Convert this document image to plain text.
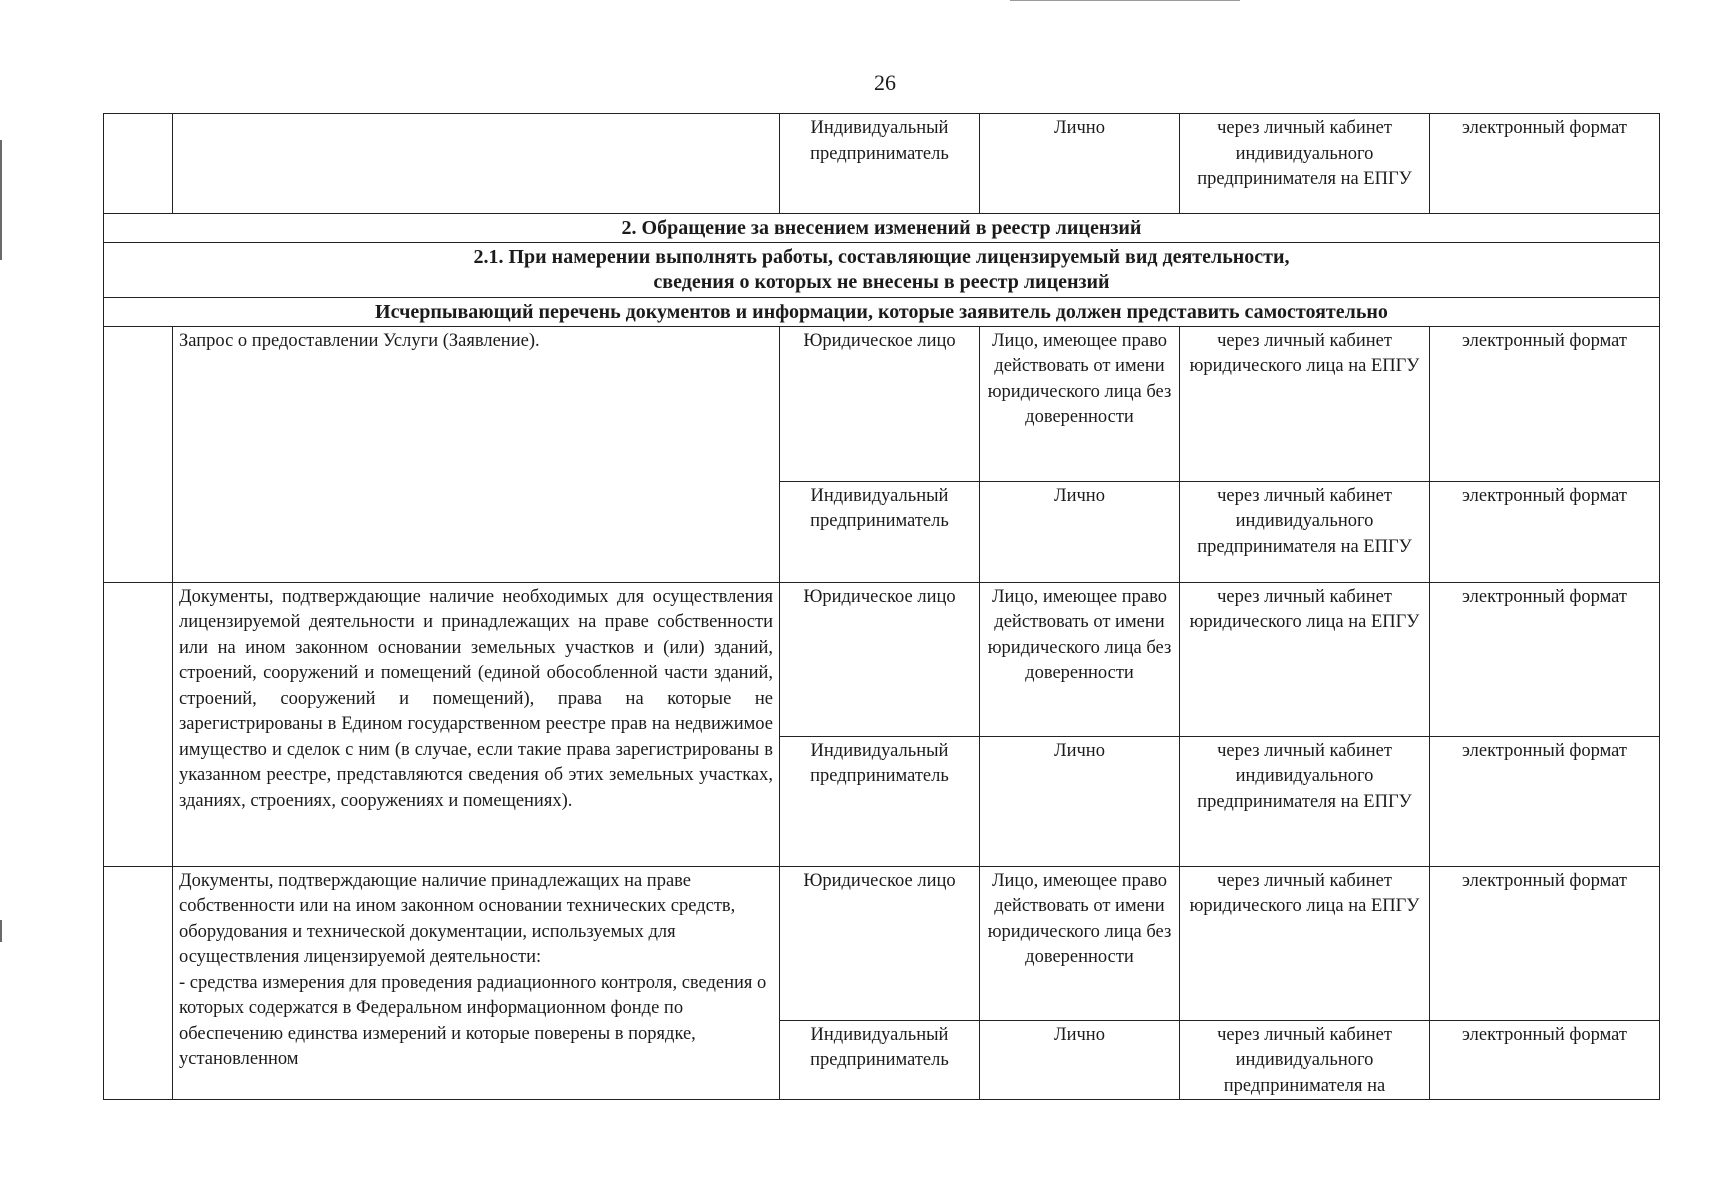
26
		Индивидуальный предприниматель	Лично	через личный кабинет индивидуального предпринимателя на ЕПГУ	электронный формат
2. Обращение за внесением изменений в реестр лицензий					

2.1. При намерении выполнять работы, составляющие лицензируемый вид деятельности,
сведения о которых не внесены в реестр лицензий					

Исчерпывающий перечень документов и информации, которые заявитель должен представить самостоятельно					
	Запрос о предоставлении Услуги (Заявление).	Юридическое лицо	Лицо, имеющее право действовать от имени юридического лица без доверенности	через личный кабинет юридического лица на ЕПГУ	электронный формат
		Индивидуальный предприниматель	Лично	через личный кабинет индивидуального предпринимателя на ЕПГУ	электронный формат
	Документы, подтверждающие наличие необходимых для осуществления лицензируемой деятельности и принадлежащих на праве собственности или на ином законном основании земельных участков и (или) зданий, строений, сооружений и помещений (единой обособленной части зданий, строений, сооружений и помещений), права на которые не зарегистрированы в Едином государственном реестре прав на недвижимое имущество и сделок с ним (в случае, если такие права зарегистрированы в указанном реестре, представляются сведения об этих земельных участках, зданиях, строениях, сооружениях и помещениях).	Юридическое лицо	Лицо, имеющее право действовать от имени юридического лица без доверенности	через личный кабинет юридического лица на ЕПГУ	электронный формат
		Индивидуальный предприниматель	Лично	через личный кабинет индивидуального предпринимателя на ЕПГУ	электронный формат

	Документы, подтверждающие наличие принадлежащих на праве собственности или на ином законном основании технических средств, оборудования и технической документации, используемых для осуществления лицензируемой деятельности:
- средства измерения для проведения радиационного контроля, сведения о которых содержатся в Федеральном информационном фонде по обеспечению единства измерений и которые поверены в порядке, установленном	Юридическое лицо	Лицо, имеющее право действовать от имени юридического лица без доверенности	через личный кабинет юридического лица на ЕПГУ	электронный формат
		Индивидуальный предприниматель	Лично	через личный кабинет индивидуального предпринимателя на	электронный формат
